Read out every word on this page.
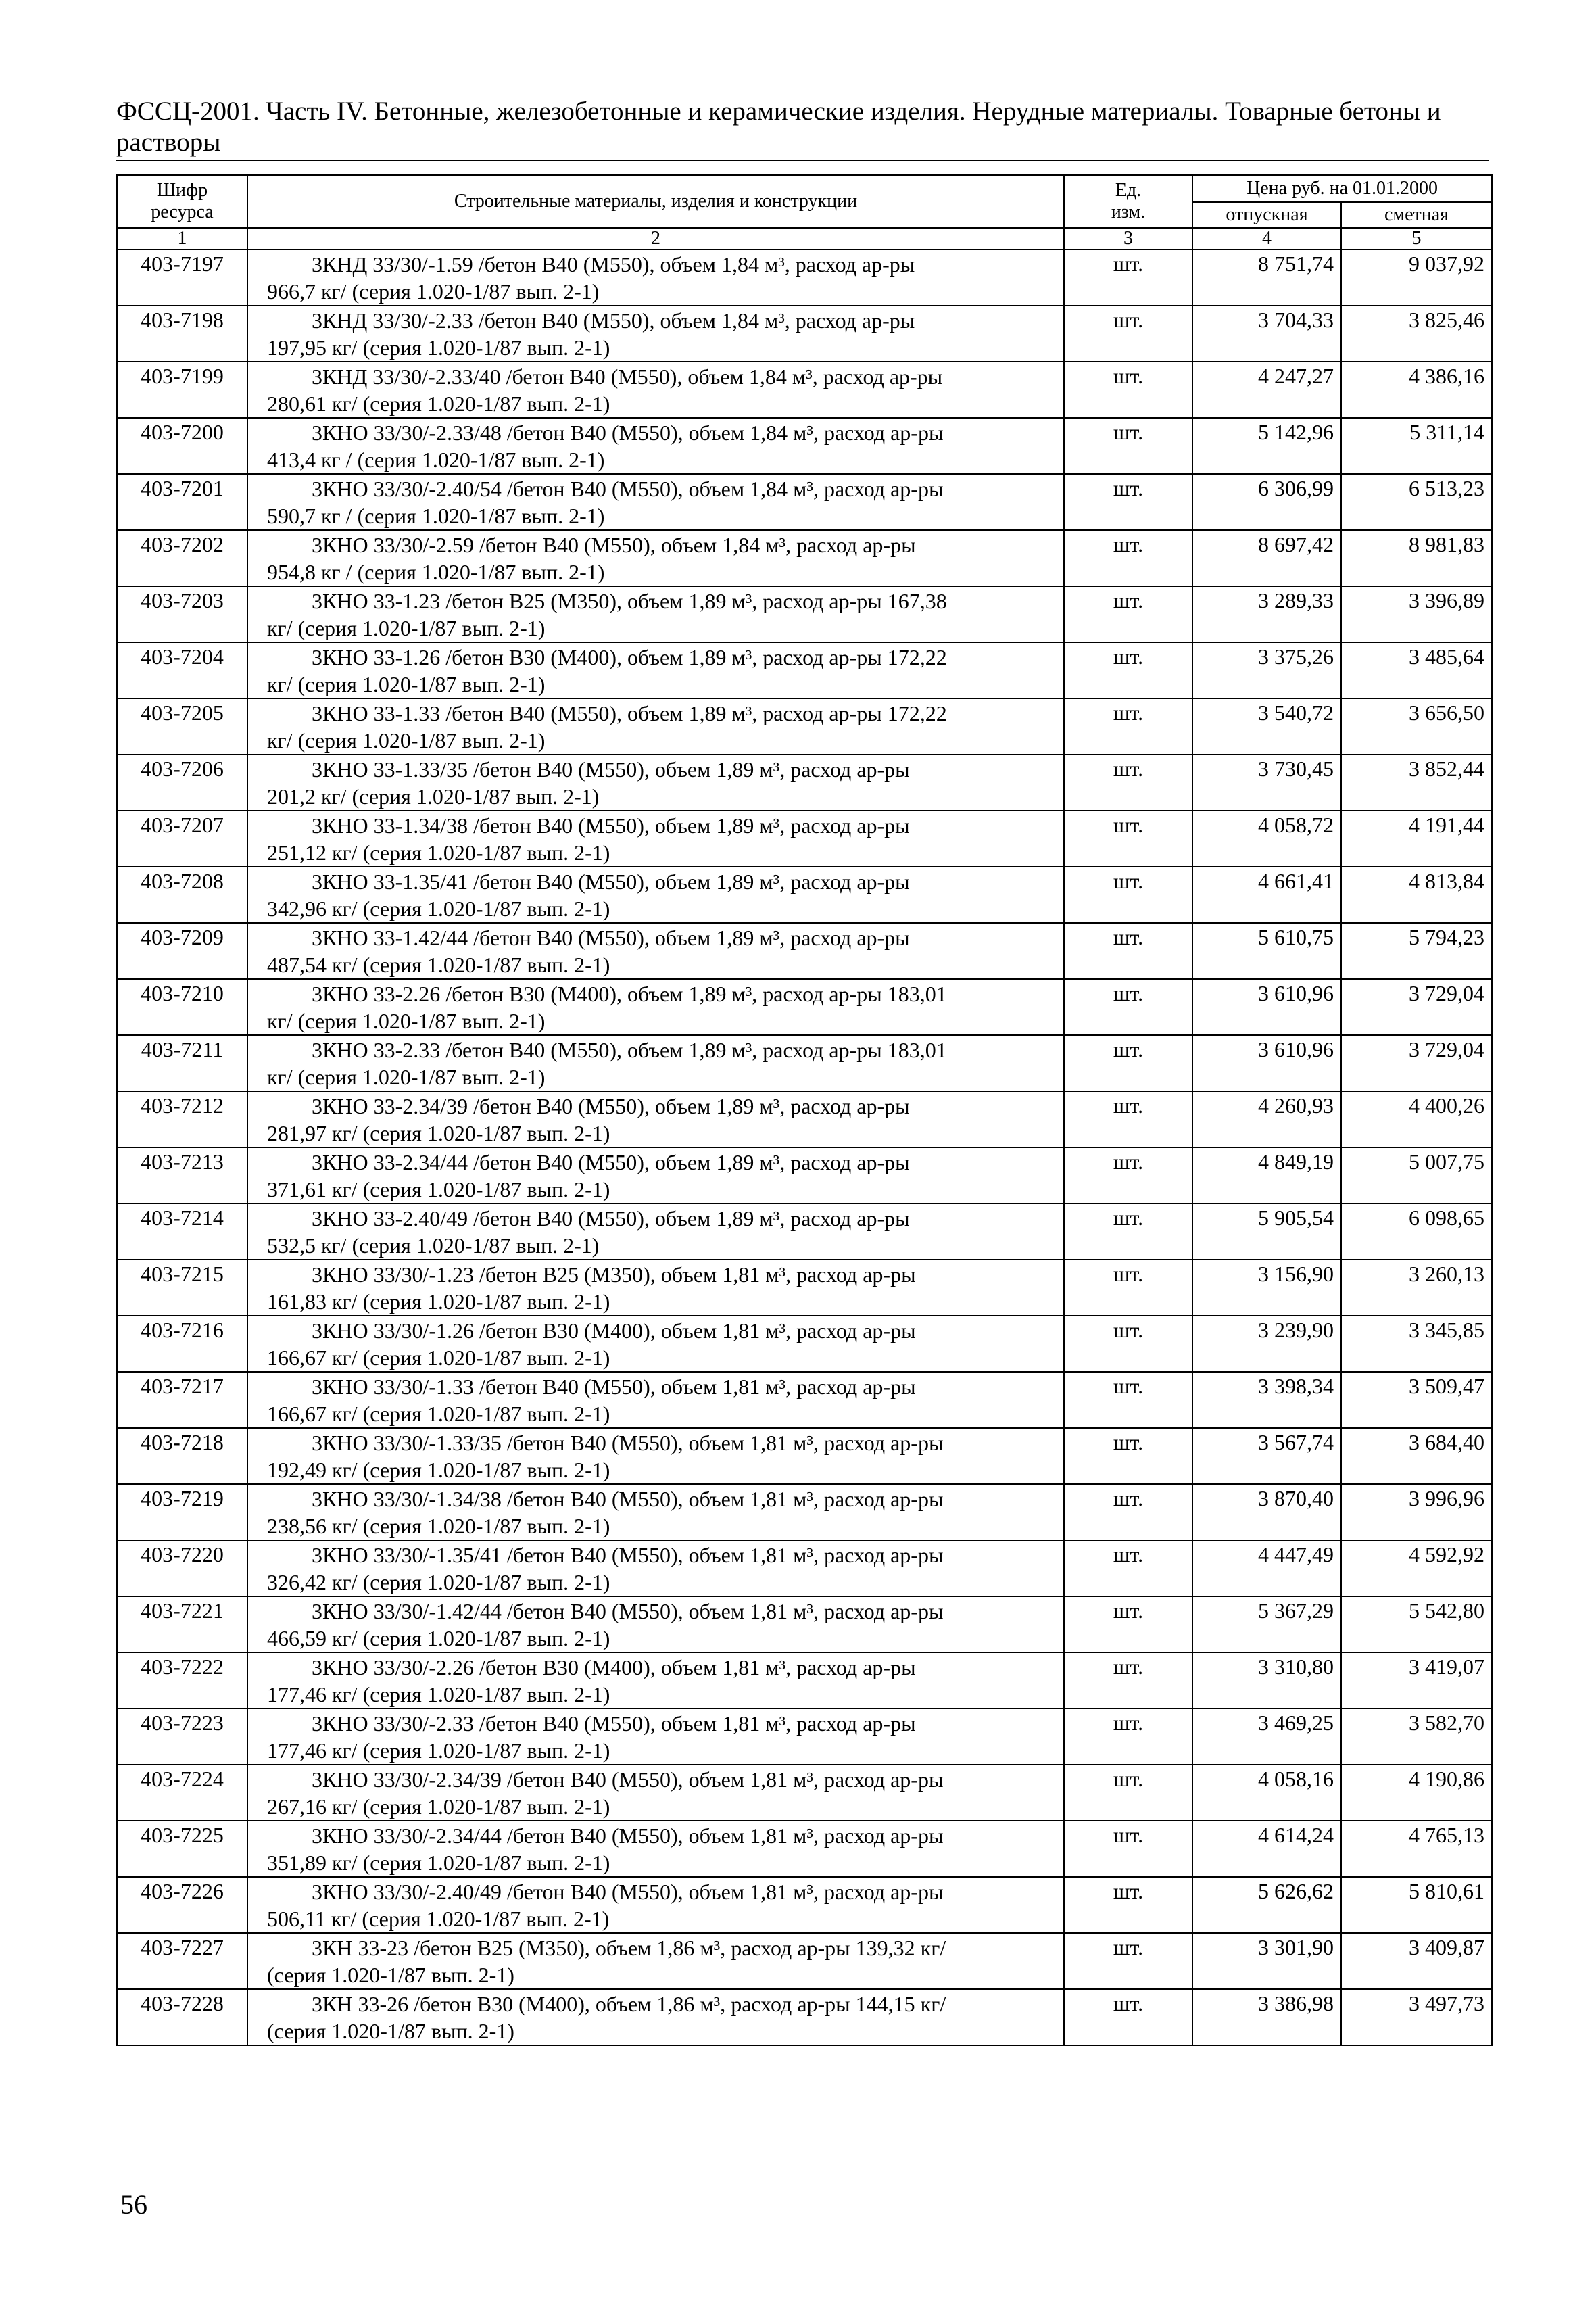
ФССЦ-2001. Часть IV. Бетонные, железобетонные и керамические изделия. Нерудные материалы. Товарные бетоны и растворы
Шифр
ресурса	Строительные материалы, изделия и конструкции	Ед.
изм.	Цена руб. на 01.01.2000	
			отпускная	сметная
1	2	3	4	5
403-7197	3КНД 33/30/-1.59 /бетон В40 (М550), объем 1,84 м³, расход ар-ры
966,7 кг/ (серия 1.020-1/87 вып. 2-1)	шт.	8 751,74	9 037,92
403-7198	3КНД 33/30/-2.33 /бетон В40 (М550), объем 1,84 м³, расход ар-ры
197,95 кг/ (серия 1.020-1/87 вып. 2-1)	шт.	3 704,33	3 825,46
403-7199	3КНД 33/30/-2.33/40 /бетон В40 (М550), объем 1,84 м³, расход ар-ры
280,61 кг/ (серия 1.020-1/87 вып. 2-1)	шт.	4 247,27	4 386,16
403-7200	3КНО 33/30/-2.33/48 /бетон В40 (М550), объем 1,84 м³, расход ар-ры
413,4 кг / (серия 1.020-1/87 вып. 2-1)	шт.	5 142,96	5 311,14
403-7201	3КНО 33/30/-2.40/54 /бетон В40 (М550), объем 1,84 м³, расход ар-ры
590,7 кг / (серия 1.020-1/87 вып. 2-1)	шт.	6 306,99	6 513,23
403-7202	3КНО 33/30/-2.59 /бетон В40 (М550), объем 1,84 м³, расход ар-ры
954,8 кг / (серия 1.020-1/87 вып. 2-1)	шт.	8 697,42	8 981,83
403-7203	3КНО 33-1.23 /бетон В25 (М350), объем 1,89 м³, расход ар-ры 167,38
кг/ (серия 1.020-1/87 вып. 2-1)	шт.	3 289,33	3 396,89
403-7204	3КНО 33-1.26 /бетон В30 (М400), объем 1,89 м³, расход ар-ры 172,22
кг/ (серия 1.020-1/87 вып. 2-1)	шт.	3 375,26	3 485,64
403-7205	3КНО 33-1.33 /бетон В40 (М550), объем 1,89 м³, расход ар-ры 172,22
кг/ (серия 1.020-1/87 вып. 2-1)	шт.	3 540,72	3 656,50
403-7206	3КНО 33-1.33/35 /бетон В40 (М550), объем 1,89 м³, расход ар-ры
201,2 кг/ (серия 1.020-1/87 вып. 2-1)	шт.	3 730,45	3 852,44
403-7207	3КНО 33-1.34/38 /бетон В40 (М550), объем 1,89 м³, расход ар-ры
251,12 кг/ (серия 1.020-1/87 вып. 2-1)	шт.	4 058,72	4 191,44
403-7208	3КНО 33-1.35/41 /бетон В40 (М550), объем 1,89 м³, расход ар-ры
342,96 кг/ (серия 1.020-1/87 вып. 2-1)	шт.	4 661,41	4 813,84
403-7209	3КНО 33-1.42/44 /бетон В40 (М550), объем 1,89 м³, расход ар-ры
487,54 кг/ (серия 1.020-1/87 вып. 2-1)	шт.	5 610,75	5 794,23
403-7210	3КНО 33-2.26 /бетон В30 (М400), объем 1,89 м³, расход ар-ры 183,01
кг/ (серия 1.020-1/87 вып. 2-1)	шт.	3 610,96	3 729,04
403-7211	3КНО 33-2.33 /бетон В40 (М550), объем 1,89 м³, расход ар-ры 183,01
кг/ (серия 1.020-1/87 вып. 2-1)	шт.	3 610,96	3 729,04
403-7212	3КНО 33-2.34/39 /бетон В40 (М550), объем 1,89 м³, расход ар-ры
281,97 кг/ (серия 1.020-1/87 вып. 2-1)	шт.	4 260,93	4 400,26
403-7213	3КНО 33-2.34/44 /бетон В40 (М550), объем 1,89 м³, расход ар-ры
371,61 кг/ (серия 1.020-1/87 вып. 2-1)	шт.	4 849,19	5 007,75
403-7214	3КНО 33-2.40/49 /бетон В40 (М550), объем 1,89 м³, расход ар-ры
532,5 кг/ (серия 1.020-1/87 вып. 2-1)	шт.	5 905,54	6 098,65
403-7215	3КНО 33/30/-1.23 /бетон В25 (М350), объем 1,81 м³, расход ар-ры
161,83 кг/ (серия 1.020-1/87 вып. 2-1)	шт.	3 156,90	3 260,13
403-7216	3КНО 33/30/-1.26 /бетон В30 (М400), объем 1,81 м³, расход ар-ры
166,67 кг/ (серия 1.020-1/87 вып. 2-1)	шт.	3 239,90	3 345,85
403-7217	3КНО 33/30/-1.33 /бетон В40 (М550), объем 1,81 м³, расход ар-ры
166,67 кг/ (серия 1.020-1/87 вып. 2-1)	шт.	3 398,34	3 509,47
403-7218	3КНО 33/30/-1.33/35 /бетон В40 (М550), объем 1,81 м³, расход ар-ры
192,49 кг/ (серия 1.020-1/87 вып. 2-1)	шт.	3 567,74	3 684,40
403-7219	3КНО 33/30/-1.34/38 /бетон В40 (М550), объем 1,81 м³, расход ар-ры
238,56 кг/ (серия 1.020-1/87 вып. 2-1)	шт.	3 870,40	3 996,96
403-7220	3КНО 33/30/-1.35/41 /бетон В40 (М550), объем 1,81 м³, расход ар-ры
326,42 кг/ (серия 1.020-1/87 вып. 2-1)	шт.	4 447,49	4 592,92
403-7221	3КНО 33/30/-1.42/44 /бетон В40 (М550), объем 1,81 м³, расход ар-ры
466,59 кг/ (серия 1.020-1/87 вып. 2-1)	шт.	5 367,29	5 542,80
403-7222	3КНО 33/30/-2.26 /бетон В30 (М400), объем 1,81 м³, расход ар-ры
177,46 кг/ (серия 1.020-1/87 вып. 2-1)	шт.	3 310,80	3 419,07
403-7223	3КНО 33/30/-2.33 /бетон В40 (М550), объем 1,81 м³, расход ар-ры
177,46 кг/ (серия 1.020-1/87 вып. 2-1)	шт.	3 469,25	3 582,70
403-7224	3КНО 33/30/-2.34/39 /бетон В40 (М550), объем 1,81 м³, расход ар-ры
267,16 кг/ (серия 1.020-1/87 вып. 2-1)	шт.	4 058,16	4 190,86
403-7225	3КНО 33/30/-2.34/44 /бетон В40 (М550), объем 1,81 м³, расход ар-ры
351,89 кг/ (серия 1.020-1/87 вып. 2-1)	шт.	4 614,24	4 765,13
403-7226	3КНО 33/30/-2.40/49 /бетон В40 (М550), объем 1,81 м³, расход ар-ры
506,11 кг/ (серия 1.020-1/87 вып. 2-1)	шт.	5 626,62	5 810,61
403-7227	3КН 33-23 /бетон В25 (М350), объем 1,86 м³, расход ар-ры 139,32 кг/
(серия 1.020-1/87 вып. 2-1)	шт.	3 301,90	3 409,87
403-7228	3КН 33-26 /бетон В30 (М400), объем 1,86 м³, расход ар-ры 144,15 кг/
(серия 1.020-1/87 вып. 2-1)	шт.	3 386,98	3 497,73
56
